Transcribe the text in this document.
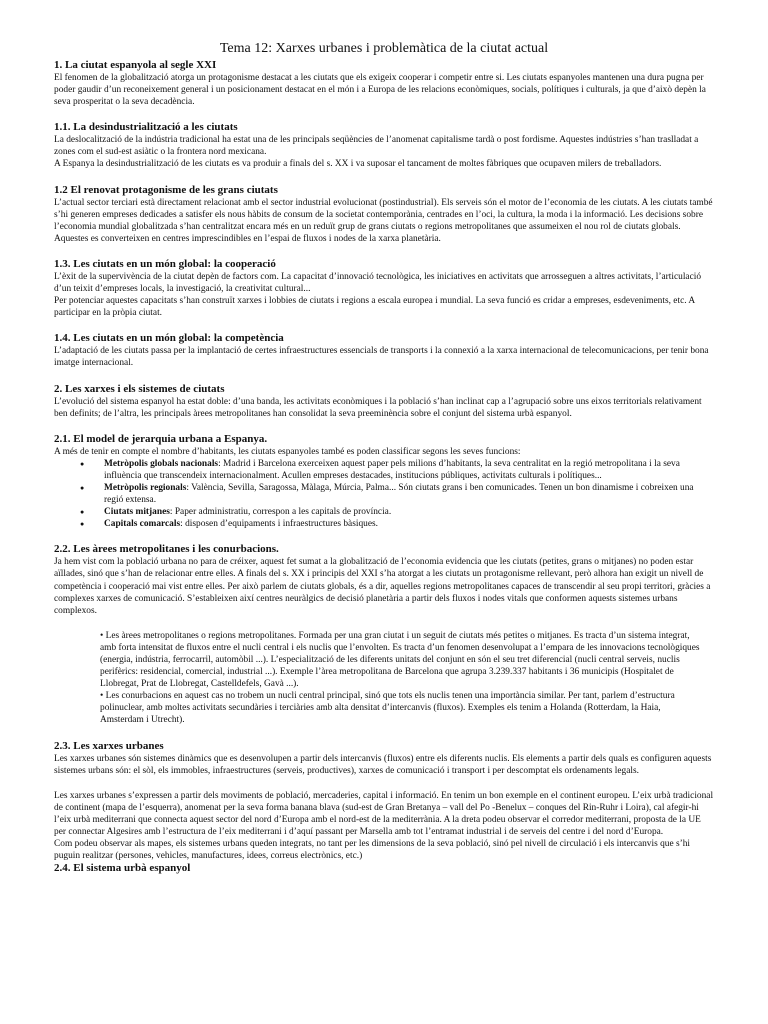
Tema 12: Xarxes urbanes i problemàtica de la ciutat actual
1. La ciutat espanyola al segle XXI

El fenomen de la globalització atorga un protagonisme destacat a les ciutats que els exigeix cooperar i competir entre si. Les ciutats espanyoles mantenen una dura pugna per poder gaudir d’un reconeixement general i un posicionament destacat en el món i a Europa de les relacions econòmiques, socials, polítiques i culturals, ja que d’això depèn la seva prosperitat o la seva decadència.

1.1. La desindustrialització a les ciutats

La deslocalització de la indústria tradicional ha estat una de les principals seqüències de l’anomenat capitalisme tardà o post fordisme. Aquestes indústries s’han traslladat a zones com el sud-est asiàtic o la frontera nord mexicana.

A Espanya la desindustrialització de les ciutats es va produir a finals del s. XX i va suposar el tancament de moltes fàbriques que ocupaven milers de treballadors.

1.2 El renovat protagonisme de les grans ciutats

L’actual sector terciari està directament relacionat amb el sector industrial evolucionat (postindustrial). Els serveis són el motor de l’economia de les ciutats. A les ciutats també s’hi generen empreses dedicades a satisfer els nous hàbits de consum de la societat contemporània, centrades en l’oci, la cultura, la moda i la informació. Les decisions sobre l’economia mundial globalitzada s’han centralitzat encara més en un reduït grup de grans ciutats o regions metropolitanes que assumeixen el nou rol de ciutats globals. Aquestes es converteixen en centres imprescindibles en l’espai de fluxos i nodes de la xarxa planetària.

1.3. Les ciutats en un món global: la cooperació

L’èxit de la supervivència de la ciutat depèn de factors com. La capacitat d’innovació tecnològica, les iniciatives en activitats que arrosseguen a altres activitats, l’articulació d’un teixit d’empreses locals, la investigació, la creativitat cultural...

Per potenciar aquestes capacitats s’han construït xarxes i lobbies de ciutats i regions a escala europea i mundial. La seva funció es cridar a empreses, esdeveniments, etc. A participar en la pròpia ciutat.

1.4. Les ciutats en un món global: la competència

L’adaptació de les ciutats passa per la implantació de certes infraestructures essencials de transports i la connexió a la xarxa internacional de telecomunicacions, per tenir bona imatge internacional.

2. Les xarxes i els sistemes de ciutats

L’evolució del sistema espanyol ha estat doble: d’una banda, les activitats econòmiques i la població s’han inclinat cap a l’agrupació sobre uns eixos territorials relativament ben definits; de l’altra, les principals àrees metropolitanes han consolidat la seva preeminència sobre el conjunt del sistema urbà espanyol.

2.1. El model de jerarquia urbana a Espanya.

A més de tenir en compte el nombre d’habitants, les ciutats espanyoles també es poden classificar segons les seves funcions:

● Metròpolis globals nacionals: Madrid i Barcelona exerceixen aquest paper pels milions d’habitants, la seva centralitat en la regió metropolitana i la seva influència que transcendeix internacionalment. Acullen empreses destacades, institucions públiques, activitats culturals i polítiques...
● Metròpolis regionals: València, Sevilla, Saragossa, Màlaga, Múrcia, Palma... Són ciutats grans i ben comunicades. Tenen un bon dinamisme i cobreixen una regió extensa.
● Ciutats mitjanes: Paper administratiu, correspon a les capitals de província.
● Capitals comarcals: disposen d’equipaments i infraestructures bàsiques.
2.2. Les àrees metropolitanes i les conurbacions.

Ja hem vist com la població urbana no para de créixer, aquest fet sumat a la globalització de l’economia evidencia que les ciutats (petites, grans o mitjanes) no poden estar aïllades, sinó que s’han de relacionar entre elles. A finals del s. XX i principis del XXI s’ha atorgat a les ciutats un protagonisme rellevant, però alhora han exigit un nivell de competència i cooperació mai vist entre elles. Per això parlem de ciutats globals, és a dir, aquelles regions metropolitanes capaces de transcendir al seu propi territori, gràcies a complexes xarxes de comunicació. S’estableixen així centres neuràlgics de decisió planetària a partir dels fluxos i nodes vitals que conformen aquests sistemes urbans complexos.

• Les àrees metropolitanes o regions metropolitanes. Formada per una gran ciutat i un seguit de ciutats més petites o mitjanes. Es tracta d’un sistema integrat, amb forta intensitat de fluxos entre el nucli central i els nuclis que l’envolten. Es tracta d’un fenomen desenvolupat a l’empara de les innovacions tecnològiques (energia, indústria, ferrocarril, automòbil ...). L’especialització de les diferents unitats del conjunt en són el seu tret diferencial (nucli central serveis, nuclis perifèrics: residencial, comercial, industrial ...). Exemple l’àrea metropolitana de Barcelona que agrupa 3.239.337 habitants i 36 municipis (Hospitalet de Llobregat, Prat de Llobregat, Castelldefels, Gavà ...).

• Les conurbacions en aquest cas no trobem un nucli central principal, sinó que tots els nuclis tenen una importància similar. Per tant, parlem d’estructura polinuclear, amb moltes activitats secundàries i terciàries amb alta densitat d’intercanvis (fluxos). Exemples els tenim a Holanda (Rotterdam, la Haia, Amsterdam i Utrecht).

2.3. Les xarxes urbanes

Les xarxes urbanes són sistemes dinàmics que es desenvolupen a partir dels intercanvis (fluxos) entre els diferents nuclis. Els elements a partir dels quals es configuren aquests sistemes urbans són: el sòl, els immobles, infraestructures (serveis, productives), xarxes de comunicació i transport i per descomptat els ordenaments legals.

Les xarxes urbanes s’expressen a partir dels moviments de població, mercaderies, capital i informació. En tenim un bon exemple en el continent europeu. L’eix urbà tradicional de continent (mapa de l’esquerra), anomenat per la seva forma banana blava (sud-est de Gran Bretanya – vall del Po -Benelux – conques del Rin-Ruhr i Loira), cal afegir-hi l’eix urbà mediterrani que connecta aquest sector del nord d’Europa amb el nord-est de la mediterrània. A la dreta podeu observar el corredor mediterrani, proposta de la UE per connectar Algesires amb l’estructura de l’eix mediterrani i d’aquí passant per Marsella amb tot l’entramat industrial i de serveis del centre i del nord d’Europa.

Com podeu observar als mapes, els sistemes urbans queden integrats, no tant per les dimensions de la seva població, sinó pel nivell de circulació i els intercanvis que s’hi puguin realitzar (persones, vehicles, manufactures, idees, correus electrònics, etc.)

2.4. El sistema urbà espanyol
